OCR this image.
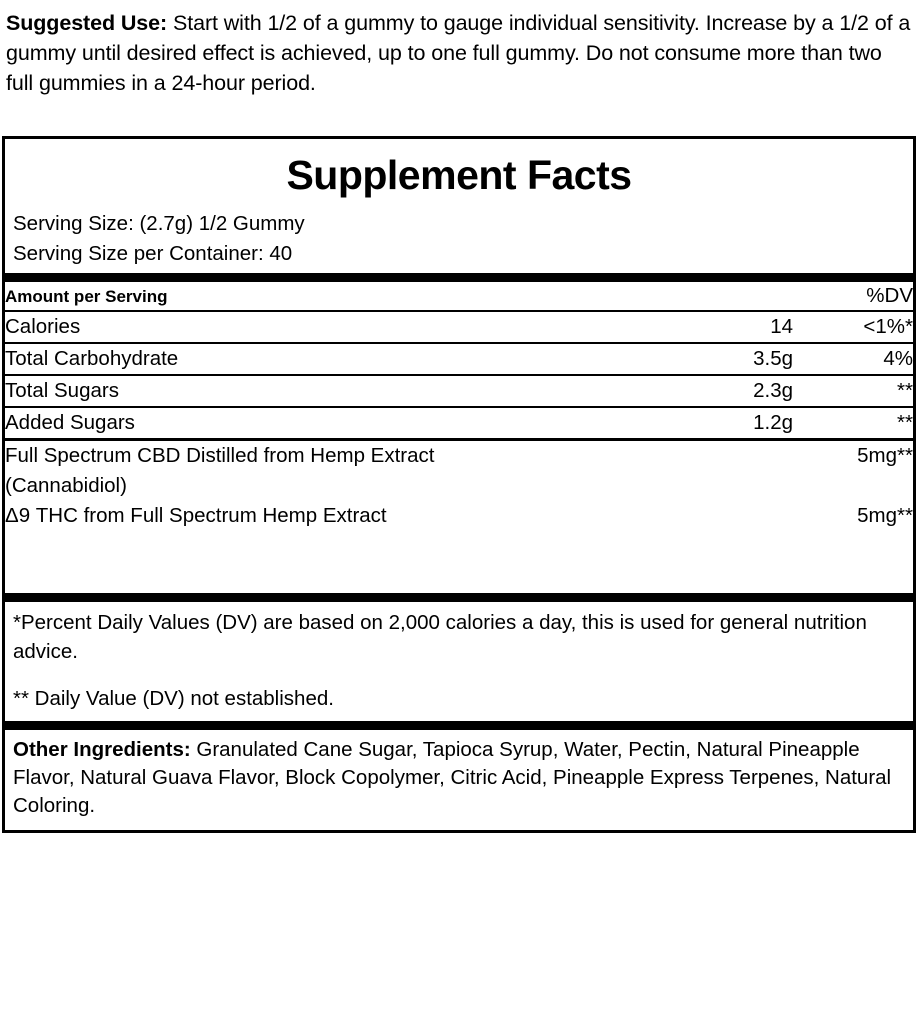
Suggested Use: Start with 1/2 of a gummy to gauge individual sensitivity. Increase by a 1/2 of a gummy until desired effect is achieved, up to one full gummy. Do not consume more than two full gummies in a 24-hour period.
Supplement Facts
Serving Size: (2.7g) 1/2 Gummy
Serving Size per Container: 40
Amount per Serving		%DV
Calories	14	<1%*
Total Carbohydrate	3.5g	4%
Total Sugars	2.3g	**
Added Sugars	1.2g	**
Full Spectrum CBD Distilled from Hemp Extract		5mg**
(Cannabidiol)		
Δ9 THC from Full Spectrum Hemp Extract		5mg**

*Percent Daily Values (DV) are based on 2,000 calories a day, this is used for general nutrition advice.

** Daily Value (DV) not established.

Other Ingredients: Granulated Cane Sugar, Tapioca Syrup, Water, Pectin, Natural Pineapple Flavor, Natural Guava Flavor, Block Copolymer, Citric Acid, Pineapple Express Terpenes, Natural Coloring.
